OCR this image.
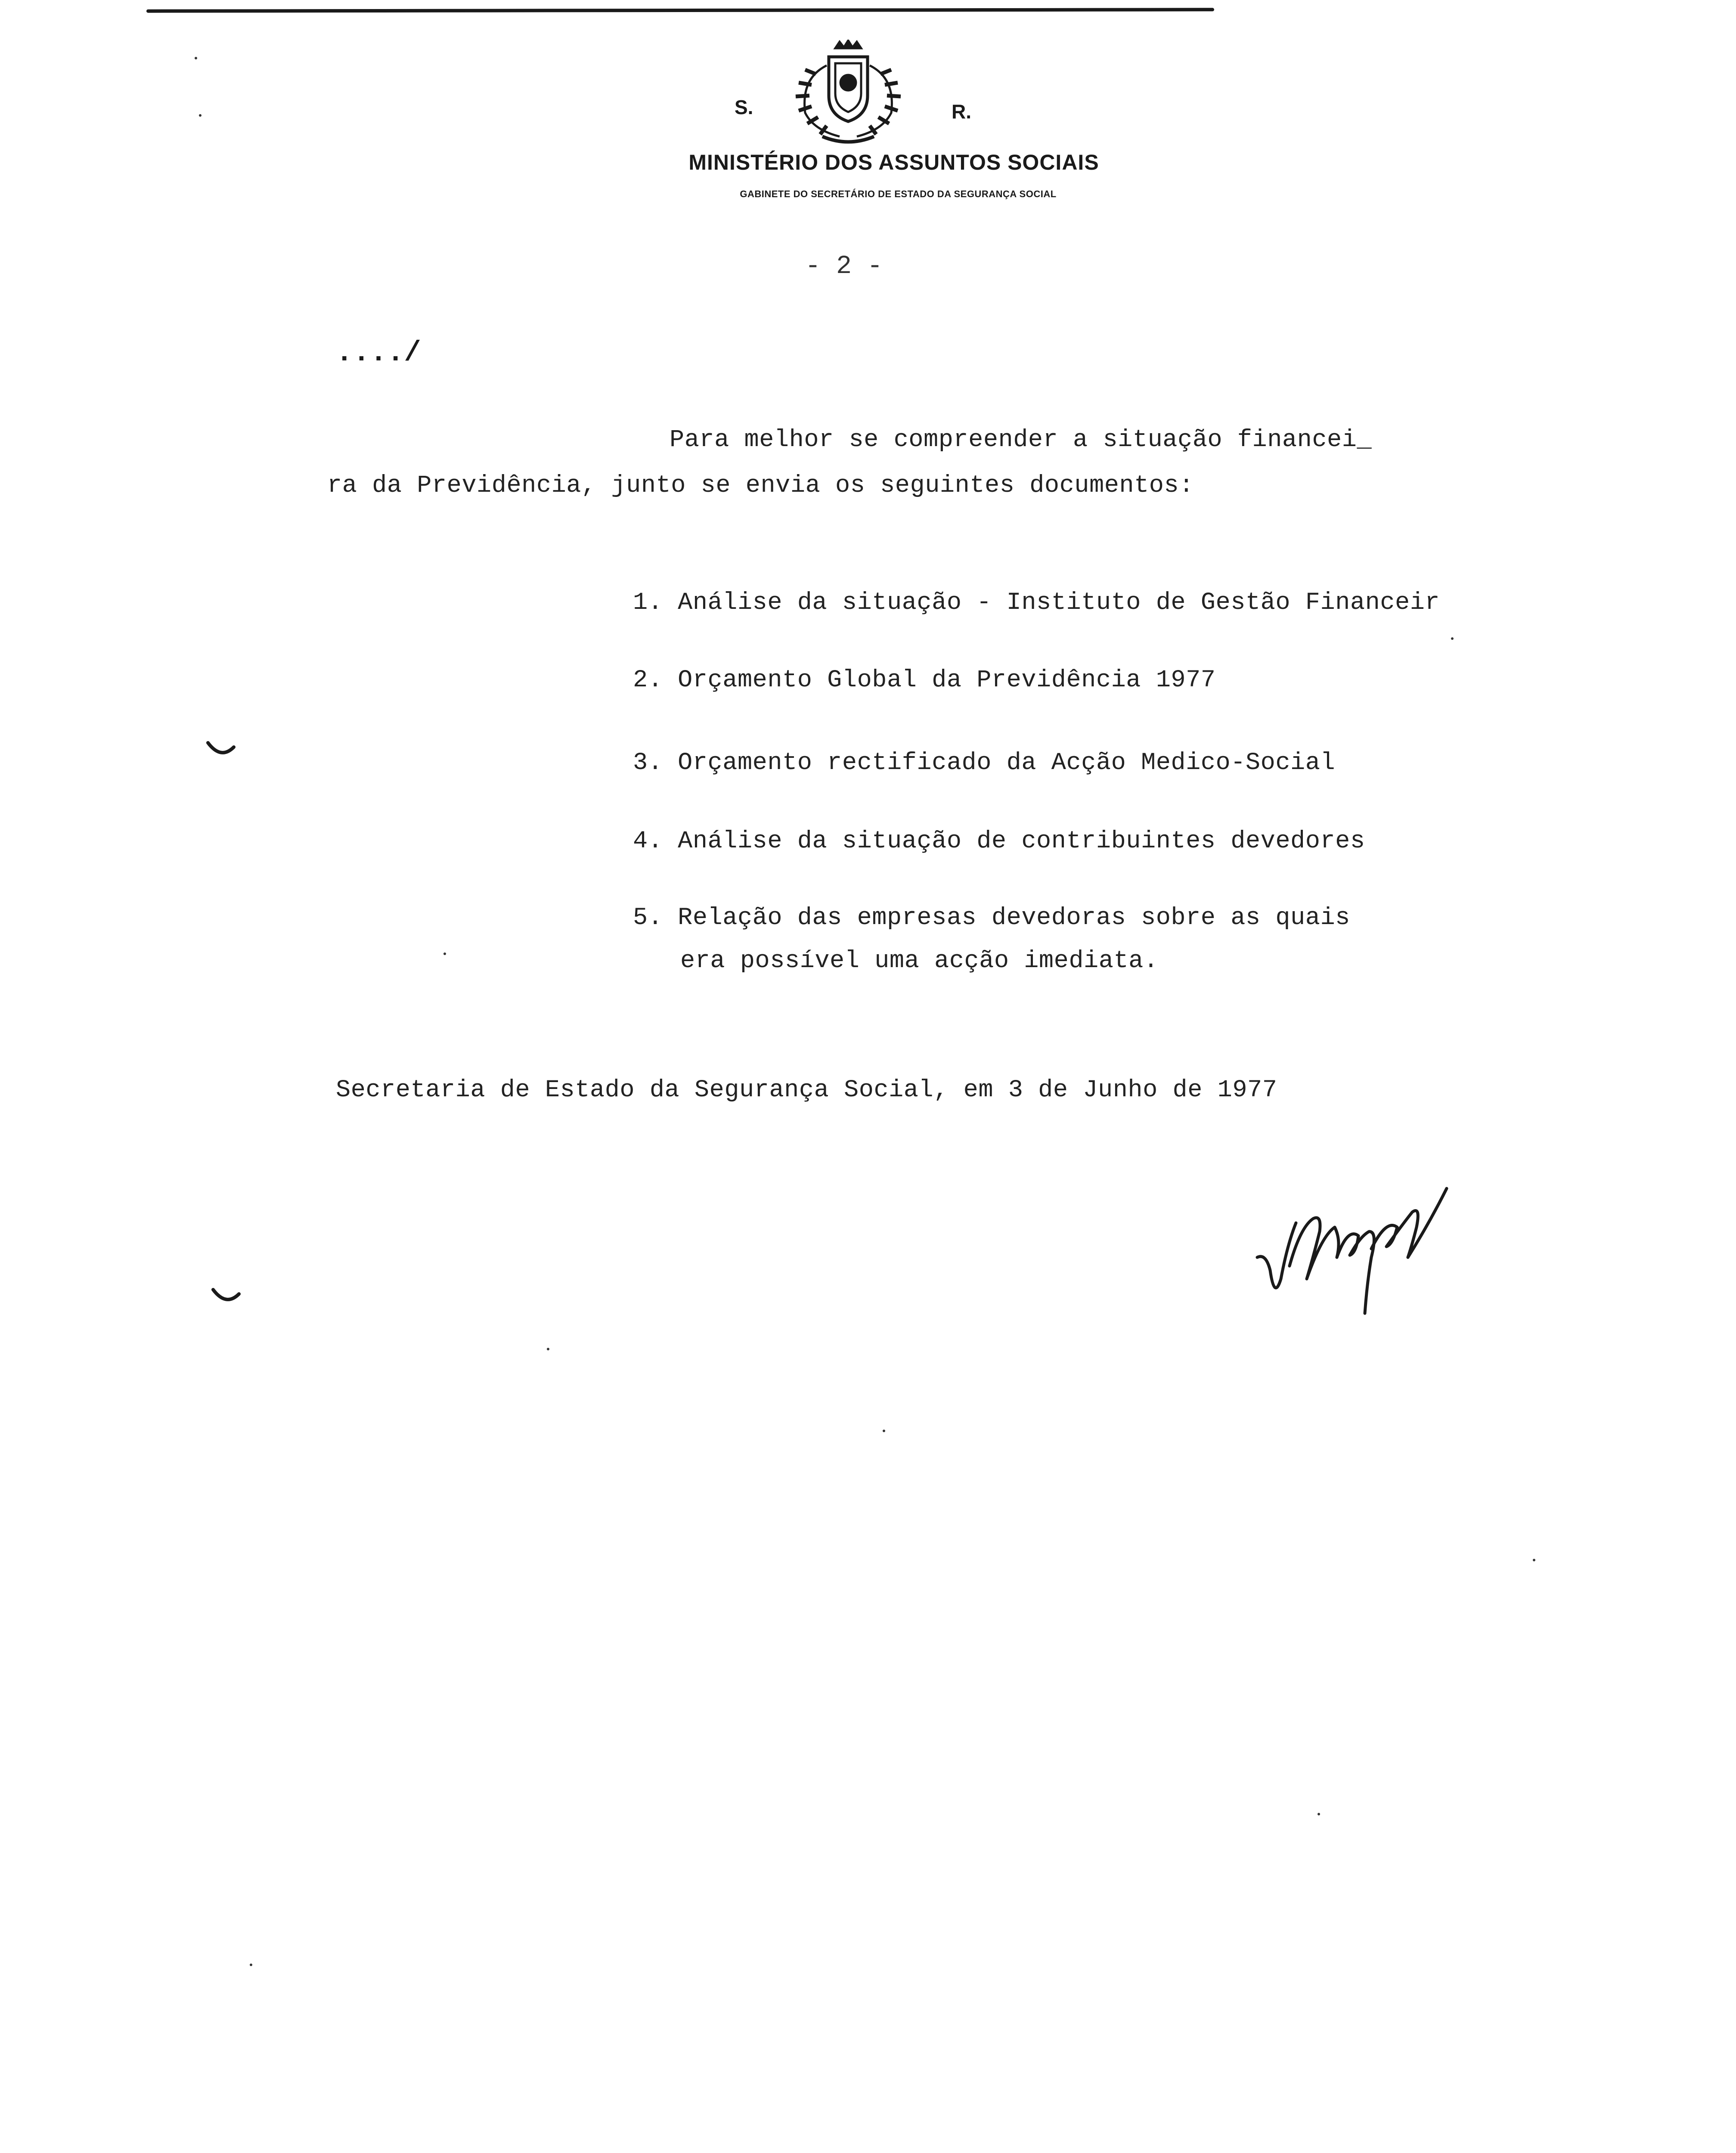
S.	R.
MINISTÉRIO DOS ASSUNTOS SOCIAIS
GABINETE DO SECRETÁRIO DE ESTADO DA SEGURANÇA SOCIAL
- 2 -
..../
Para melhor se compreender a situação financei_
ra da Previdência, junto se envia os seguintes documentos:
1. Análise da situação - Instituto de Gestão Financeir
2. Orçamento Global da Previdência 1977
3. Orçamento rectificado da Acção Medico-Social
4. Análise da situação de contribuintes devedores
5. Relação das empresas devedoras sobre as quais
era possível uma acção imediata.
Secretaria de Estado da Segurança Social, em 3 de Junho de 1977
